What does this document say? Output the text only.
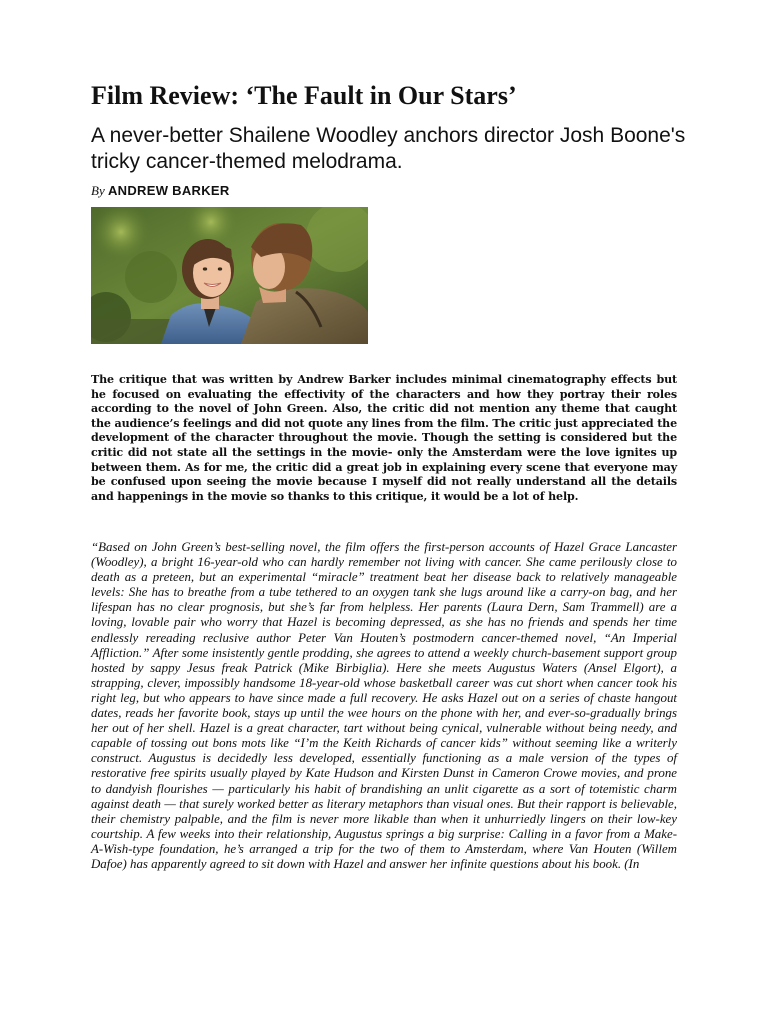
Film Review: ‘The Fault in Our Stars’
A never-better Shailene Woodley anchors director Josh Boone's tricky cancer-themed melodrama.
By ANDREW BARKER
The critique that was written by Andrew Barker includes minimal cinematography effects but he focused on evaluating the effectivity of the characters and how they portray their roles according to the novel of John Green. Also, the critic did not mention any theme that caught the audience’s feelings and did not quote any lines from the film. The critic just appreciated the development of the character throughout the movie. Though the setting is considered but the critic did not state all the settings in the movie- only the Amsterdam were the love ignites up between them. As for me, the critic did a great job in explaining every scene that everyone may be confused upon seeing the movie because I myself did not really understand all the details and happenings in the movie so thanks to this critique, it would be a lot of help.
“Based on John Green’s best-selling novel, the film offers the first-person accounts of Hazel Grace Lancaster (Woodley), a bright 16-year-old who can hardly remember not living with cancer. She came perilously close to death as a preteen, but an experimental “miracle” treatment beat her disease back to relatively manageable levels: She has to breathe from a tube tethered to an oxygen tank she lugs around like a carry-on bag, and her lifespan has no clear prognosis, but she’s far from helpless. Her parents (Laura Dern, Sam Trammell) are a loving, lovable pair who worry that Hazel is becoming depressed, as she has no friends and spends her time endlessly rereading reclusive author Peter Van Houten’s postmodern cancer-themed novel, “An Imperial Affliction.” After some insistently gentle prodding, she agrees to attend a weekly church-basement support group hosted by sappy Jesus freak Patrick (Mike Birbiglia). Here she meets Augustus Waters (Ansel Elgort), a strapping, clever, impossibly handsome 18-year-old whose basketball career was cut short when cancer took his right leg, but who appears to have since made a full recovery. He asks Hazel out on a series of chaste hangout dates, reads her favorite book, stays up until the wee hours on the phone with her, and ever-so-gradually brings her out of her shell. Hazel is a great character, tart without being cynical, vulnerable without being needy, and capable of tossing out bons mots like “I’m the Keith Richards of cancer kids” without seeming like a writerly construct. Augustus is decidedly less developed, essentially functioning as a male version of the types of restorative free spirits usually played by Kate Hudson and Kirsten Dunst in Cameron Crowe movies, and prone to dandyish flourishes — particularly his habit of brandishing an unlit cigarette as a sort of totemistic charm against death — that surely worked better as literary metaphors than visual ones. But their rapport is believable, their chemistry palpable, and the film is never more likable than when it unhurriedly lingers on their low-key courtship. A few weeks into their relationship, Augustus springs a big surprise: Calling in a favor from a Make-A-Wish-type foundation, he’s arranged a trip for the two of them to Amsterdam, where Van Houten (Willem Dafoe) has apparently agreed to sit down with Hazel and answer her infinite questions about his book. (In
